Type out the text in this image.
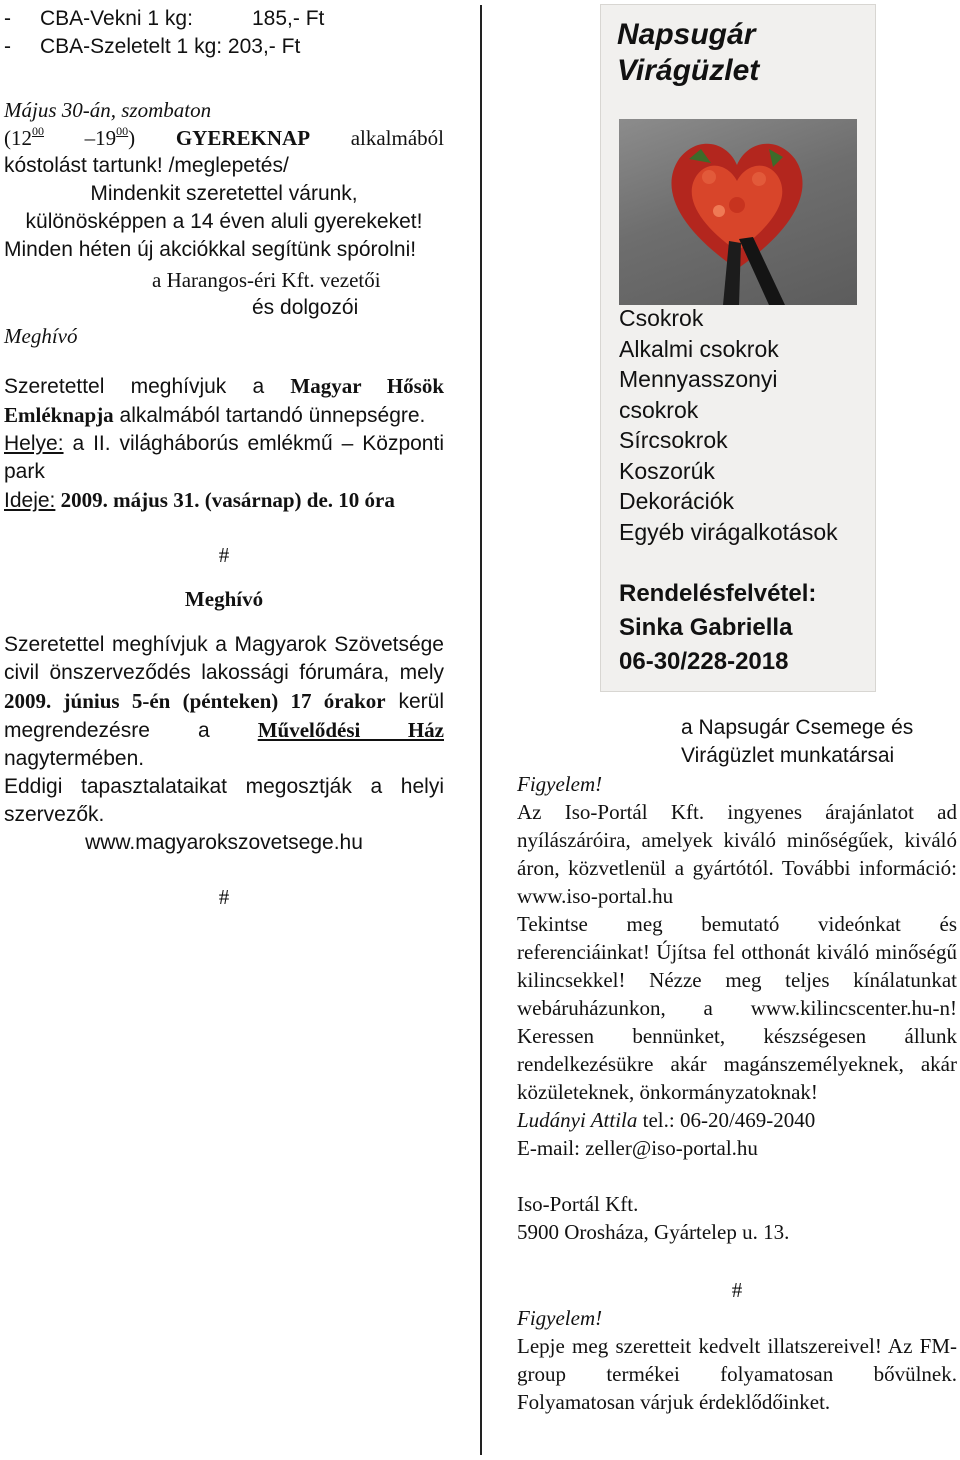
-	CBA-Vekni 1 kg:	185,- Ft
-	CBA-Szeletelt 1 kg: 203,- Ft

Május 30-án, szombaton

($12^{00}$ $-19^{00}$) GYEREKNAP alkalmából

kóstolást tartunk! /meglepetés/

Mindenkit szeretettel várunk,

különösképpen a 14 éven aluli gyerekeket!

Minden héten új akciókkal segítünk spórolni!

a Harangos-éri Kft. vezetői

és dolgozói

Meghívó

Szeretettel meghívjuk a Magyar Hősök Emléknapja alkalmából tartandó ünnepségre.

Helye: a II. világháborús emlékmű – Központi park

Ideje: 2009. május 31. (vasárnap) de. 10 óra

#

Meghívó

Szeretettel meghívjuk a Magyarok Szövetsége civil önszerveződés lakossági fórumára, mely 2009. június 5-én (pénteken) 17 órakor kerül megrendezésre a Művelődési Ház nagytermében.

Eddigi tapasztalataikat megosztják a helyi szervezők.

www.magyarokszovetsege.hu

#

Napsugár
Virágüzlet
Csokrok
Alkalmi csokrok
Mennyasszonyi
csokrok
Sírcsokrok
Koszorúk
Dekorációk
Egyéb virágalkotások
Rendelésfelvétel:
Sinka Gabriella
06-30/228-2018

a Napsugár Csemege és

Virágüzlet munkatársai

Figyelem!

Az Iso-Portál Kft. ingyenes árajánlatot ad nyílászáróira, amelyek kiváló minőségűek, kiváló áron, közvetlenül a gyártótól. További információ: www.iso-portal.hu

Tekintse meg bemutató videónkat és referenciáinkat! Újítsa fel otthonát kiváló minőségű kilincsekkel! Nézze meg teljes kínálatunkat webáruházunkon, a www.kilincscenter.hu-n! Keressen bennünket, készségesen állunk rendelkezésükre akár magánszemélyeknek, akár közületeknek, önkormányzatoknak!

Ludányi Attila tel.: 06-20/469-2040

E-mail: zeller@iso-portal.hu

Iso-Portál Kft.

5900 Orosháza, Gyártelep u. 13.

#

Figyelem!

Lepje meg szeretteit kedvelt illatszereivel! Az FM-group termékei folyamatosan bővülnek. Folyamatosan várjuk érdeklődőinket.
